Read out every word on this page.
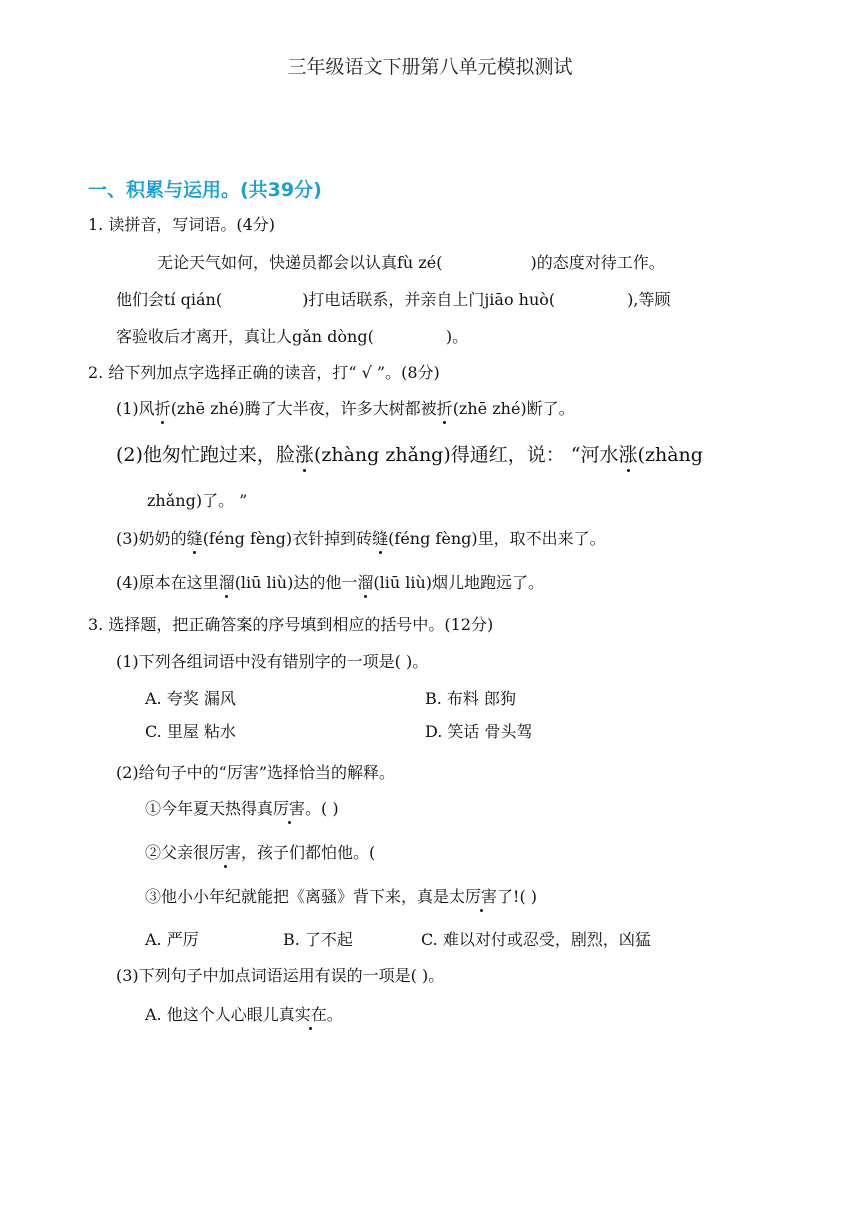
三年级语文下册第八单元模拟测试
一、积累与运用。(共39分)
1. 读拼音，写词语。(4分)
无论天气如何，快递员都会以认真fù zé(	)的态度对待工作。
他们会tí qián(	)打电话联系，并亲自上门jiāo huò(	),等顾
客验收后才离开，真让人gǎn dòng(	)。
2. 给下列加点字选择正确的读音，打“ √ ”。(8分)
(1)风折(zhē zhé)腾了大半夜，许多大树都被折(zhē zhé)断了。
(2)他匆忙跑过来，脸涨(zhàng zhǎng)得通红，说： “河水涨(zhàng
zhǎng)了。 ”
(3)奶奶的缝(féng fèng)衣针掉到砖缝(féng fèng)里，取不出来了。
(4)原本在这里溜(liū liù)达的他一溜(liū liù)烟儿地跑远了。
3. 选择题，把正确答案的序号填到相应的括号中。(12分)
(1)下列各组词语中没有错别字的一项是( )。
A. 夸奖 漏风	B. 布料 郎狗
C. 里屋 粘水	D. 笑话 骨头驾
(2)给句子中的“厉害”选择恰当的解释。
①今年夏天热得真厉害。( )
②父亲很厉害，孩子们都怕他。(
③他小小年纪就能把《离骚》背下来，真是太厉害了!( )
A. 严厉	B. 了不起	C. 难以对付或忍受，剧烈，凶猛
(3)下列句子中加点词语运用有误的一项是( )。
A. 他这个人心眼儿真实在。
